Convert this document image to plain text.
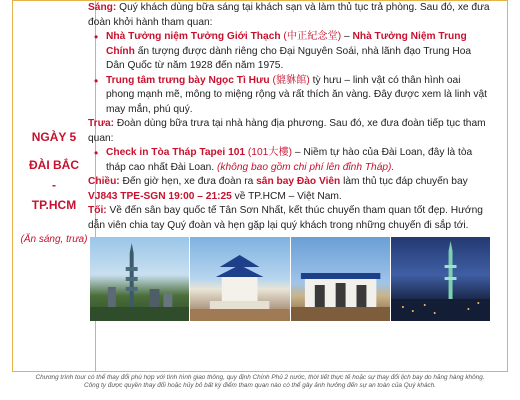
NGÀY 5
ĐÀI BẮC
-
TP.HCM
(Ăn sáng, trưa)

Sáng: Quý khách dùng bữa sáng tại khách sạn và làm thủ tục trả phòng. Sau đó, xe đưa đoàn khởi hành tham quan:

• Nhà Tưởng niệm Tưởng Giới Thạch (中正紀念堂) – Nhà Tưởng Niệm Trung Chính ấn tượng được dành riêng cho Đại Nguyên Soái, nhà lãnh đạo Trung Hoa Dân Quốc từ năm 1928 đến năm 1975.
• Trung tâm trưng bày Ngọc Tì Hưu (貔貅館) tỳ hưu – linh vật có thân hình oai phong mạnh mẽ, mông to miệng rộng và rất thích ăn vàng. Đây được xem là linh vật may mắn, phú quý.

Trưa: Đoàn dùng bữa trưa tại nhà hàng địa phương. Sau đó, xe đưa đoàn tiếp tục tham quan:

• Check in Tòa Tháp Tapei 101 (101大樓) – Niềm tự hào của Đài Loan, đây là tòa tháp cao nhất Đài Loan. (không bao gồm chi phí lên đỉnh Tháp).

Chiều: Đến giờ hẹn, xe đưa đoàn ra sân bay Đào Viên làm thủ tục đáp chuyến bay VJ843 TPE-SGN 19:00 – 21:25 về TP.HCM – Việt Nam.

Tối: Về đến sân bay quốc tế Tân Sơn Nhất, kết thúc chuyến tham quan tốt đẹp. Hướng dẫn viên chia tay Quý đoàn và hẹn gặp lại quý khách trong những chuyến đi sắp tới.

Chương trình tour có thể thay đổi phù hợp với tình hình giao thông, quy định Chính Phủ 2 nước, thời tiết thực tế hoặc sự thay đổi lịch bay do hãng hàng không. Công ty được quyền thay đổi hoặc hủy bỏ bất kỳ điểm tham quan nào có thể gây ảnh hưởng đến sự an toàn của Quý khách.
